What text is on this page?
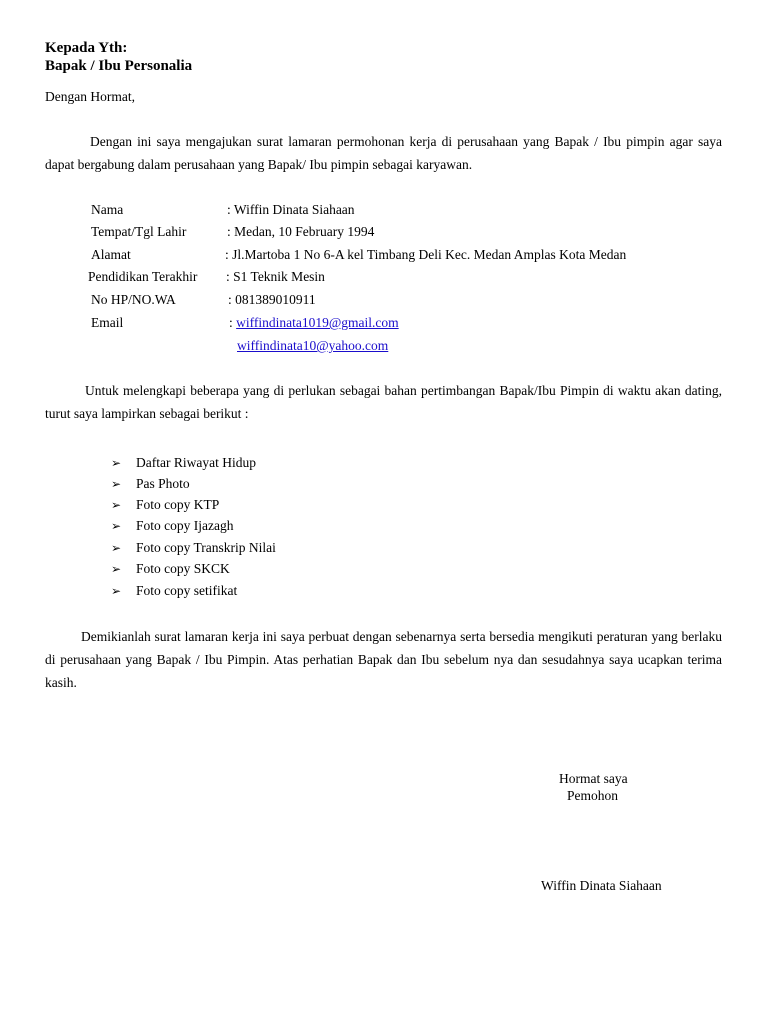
Kepada Yth:
Bapak / Ibu Personalia
Dengan Hormat,
Dengan ini saya mengajukan surat lamaran permohonan kerja di perusahaan yang Bapak / Ibu pimpin agar saya dapat bergabung dalam perusahaan yang Bapak/ Ibu pimpin sebagai karyawan.
Nama	: Wiffin Dinata Siahaan
Tempat/Tgl Lahir	: Medan, 10 February 1994
Alamat	: Jl.Martoba 1 No 6-A kel Timbang Deli Kec. Medan Amplas Kota Medan
Pendidikan Terakhir : S1 Teknik Mesin
No HP/NO.WA	: 081389010911
Email	: wiffindinata1019@gmail.com
wiffindinata10@yahoo.com
Untuk melengkapi beberapa yang di perlukan sebagai bahan pertimbangan Bapak/Ibu Pimpin di waktu akan dating, turut saya lampirkan sebagai berikut :
➢ Daftar Riwayat Hidup
➢ Pas Photo
➢ Foto copy KTP
➢ Foto copy Ijazagh
➢ Foto copy Transkrip Nilai
➢ Foto copy SKCK
➢ Foto copy setifikat
Demikianlah surat lamaran kerja ini saya perbuat dengan sebenarnya serta bersedia mengikuti peraturan yang berlaku di perusahaan yang Bapak / Ibu Pimpin. Atas perhatian Bapak dan Ibu sebelum nya dan sesudahnya saya ucapkan terima kasih.
Hormat saya
Pemohon
Wiffin Dinata Siahaan
